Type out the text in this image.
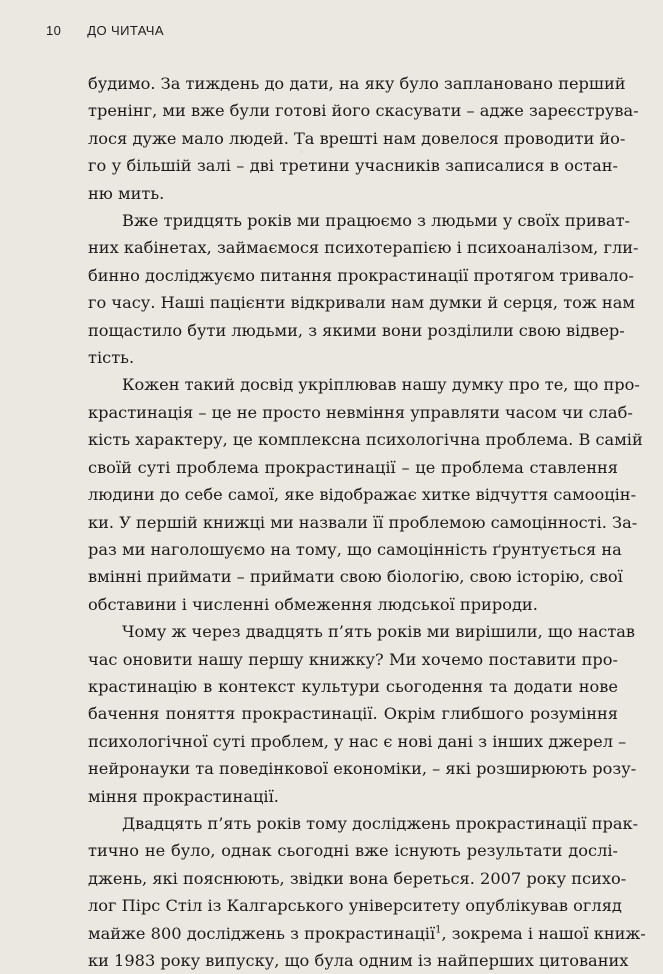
10 ДО ЧИТАЧА
будимо. За тиждень до дати, на яку було заплановано перший
тренінг, ми вже були готові його скасувати – адже зареєструва-
лося дуже мало людей. Та врешті нам довелося проводити йо-
го у більшій залі – дві третини учасників записалися в остан-
ню мить.
Вже тридцять років ми працюємо з людьми у своїх приват-
них кабінетах, займаємося психотерапією і психоаналізом, гли-
бинно досліджуємо питання прокрастинації протягом тривало-
го часу. Наші пацієнти відкривали нам думки й серця, тож нам
пощастило бути людьми, з якими вони розділили свою відвер-
тість.
Кожен такий досвід укріплював нашу думку про те, що про-
крастинація – це не просто невміння управляти часом чи слаб-
кість характеру, це комплексна психологічна проблема. В самій
своїй суті проблема прокрастинації – це проблема ставлення
людини до себе самої, яке відображає хиткe відчуття самооцін-
ки. У першій книжці ми назвали її проблемою самоцінності. За-
раз ми наголошуємо на тому, що самоцінність ґрунтується на
вмінні приймати – приймати свою біологію, свою історію, свої
обставини і численні обмеження людської природи.
Чому ж через двадцять п’ять років ми вирішили, що настав
час оновити нашу першу книжку? Ми хочемо поставити про-
крастинацію в контекст культури сьогодення та додати нове
бачення поняття прокрастинації. Окрім глибшого розуміння
психологічної суті проблем, у нас є нові дані з інших джерел –
нейронауки та поведінкової економіки, – які розширюють розу-
міння прокрастинації.
Двадцять п’ять років тому досліджень прокрастинації прак-
тично не було, однак сьогодні вже існують результати дослі-
джень, які пояснюють, звідки вона береться. 2007 року психо-
лог Пірс Стіл із Калгарського університету опублікував огляд
майже 800 досліджень з прокрастинації$^1$, зокрема і нашої книж-
ки 1983 року випуску, що була одним із найперших цитованих
